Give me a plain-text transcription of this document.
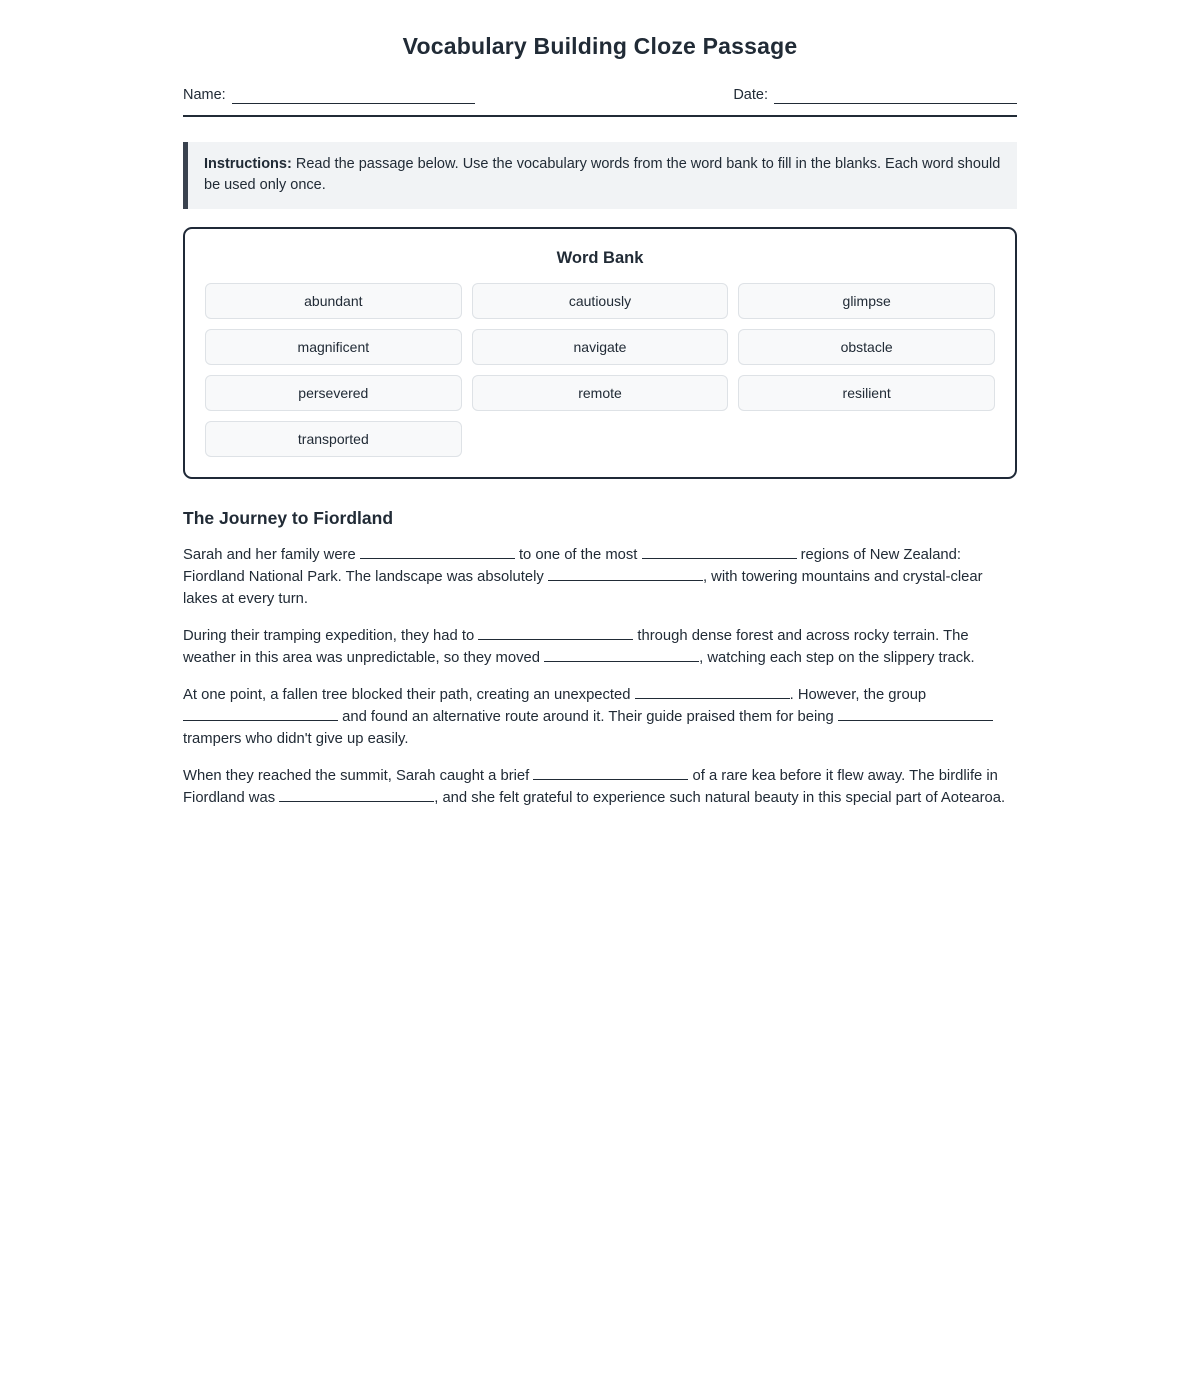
Vocabulary Building Cloze Passage
Name:	Date:
Instructions: Read the passage below. Use the vocabulary words from the word bank to fill in the blanks. Each word should be used only once.
Word Bank
abundant	cautiously	glimpse
magnificent	navigate	obstacle
persevered	remote	resilient
transported
The Journey to Fiordland

Sarah and her family were	to one of the most	regions of New Zealand: Fiordland National Park. The landscape was absolutely	, with towering mountains and crystal-clear lakes at every turn.

During their tramping expedition, they had to	through dense forest and across rocky terrain. The weather in this area was unpredictable, so they moved	, watching each step on the slippery track.

At one point, a fallen tree blocked their path, creating an unexpected	. However, the group  and found an alternative route around it. Their guide praised them for being  trampers who didn't give up easily.

When they reached the summit, Sarah caught a brief	of a rare kea before it flew away. The birdlife in Fiordland was	, and she felt grateful to experience such natural beauty in this special part of Aotearoa.
